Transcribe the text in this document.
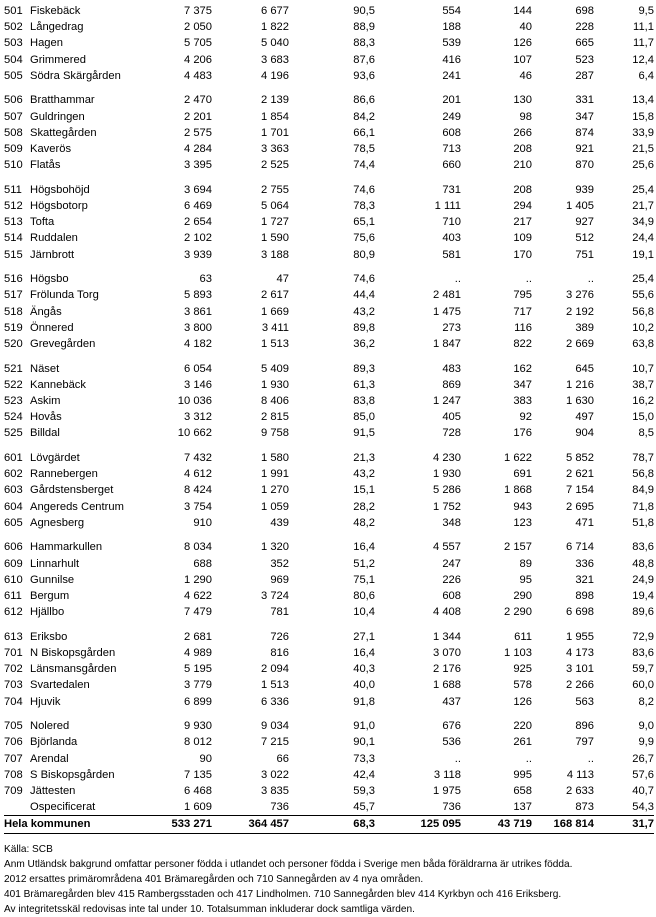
501	Fiskebäck	7 375	6 677	90,5	554	144	698	9,5
502	Långedrag	2 050	1 822	88,9	188	40	228	11,1
503	Hagen	5 705	5 040	88,3	539	126	665	11,7
504	Grimmered	4 206	3 683	87,6	416	107	523	12,4
505	Södra Skärgården	4 483	4 196	93,6	241	46	287	6,4

506	Bratthammar	2 470	2 139	86,6	201	130	331	13,4
507	Guldringen	2 201	1 854	84,2	249	98	347	15,8
508	Skattegården	2 575	1 701	66,1	608	266	874	33,9
509	Kaverös	4 284	3 363	78,5	713	208	921	21,5
510	Flatås	3 395	2 525	74,4	660	210	870	25,6

511	Högsbohöjd	3 694	2 755	74,6	731	208	939	25,4
512	Högsbotorp	6 469	5 064	78,3	1 111	294	1 405	21,7
513	Tofta	2 654	1 727	65,1	710	217	927	34,9
514	Ruddalen	2 102	1 590	75,6	403	109	512	24,4
515	Järnbrott	3 939	3 188	80,9	581	170	751	19,1

516	Högsbo	63	47	74,6	..	..	..	25,4
517	Frölunda Torg	5 893	2 617	44,4	2 481	795	3 276	55,6
518	Ängås	3 861	1 669	43,2	1 475	717	2 192	56,8
519	Önnered	3 800	3 411	89,8	273	116	389	10,2
520	Grevegården	4 182	1 513	36,2	1 847	822	2 669	63,8

521	Näset	6 054	5 409	89,3	483	162	645	10,7
522	Kannebäck	3 146	1 930	61,3	869	347	1 216	38,7
523	Askim	10 036	8 406	83,8	1 247	383	1 630	16,2
524	Hovås	3 312	2 815	85,0	405	92	497	15,0
525	Billdal	10 662	9 758	91,5	728	176	904	8,5

601	Lövgärdet	7 432	1 580	21,3	4 230	1 622	5 852	78,7
602	Rannebergen	4 612	1 991	43,2	1 930	691	2 621	56,8
603	Gårdstensberget	8 424	1 270	15,1	5 286	1 868	7 154	84,9
604	Angereds Centrum	3 754	1 059	28,2	1 752	943	2 695	71,8
605	Agnesberg	910	439	48,2	348	123	471	51,8

606	Hammarkullen	8 034	1 320	16,4	4 557	2 157	6 714	83,6
609	Linnarhult	688	352	51,2	247	89	336	48,8
610	Gunnilse	1 290	969	75,1	226	95	321	24,9
611	Bergum	4 622	3 724	80,6	608	290	898	19,4
612	Hjällbo	7 479	781	10,4	4 408	2 290	6 698	89,6

613	Eriksbo	2 681	726	27,1	1 344	611	1 955	72,9
701	N Biskopsgården	4 989	816	16,4	3 070	1 103	4 173	83,6
702	Länsmansgården	5 195	2 094	40,3	2 176	925	3 101	59,7
703	Svartedalen	3 779	1 513	40,0	1 688	578	2 266	60,0
704	Hjuvik	6 899	6 336	91,8	437	126	563	8,2

705	Nolered	9 930	9 034	91,0	676	220	896	9,0
706	Björlanda	8 012	7 215	90,1	536	261	797	9,9
707	Arendal	90	66	73,3	..	..	..	26,7
708	S Biskopsgården	7 135	3 022	42,4	3 118	995	4 113	57,6
709	Jättesten	6 468	3 835	59,3	1 975	658	2 633	40,7
	Ospecificerat	1 609	736	45,7	736	137	873	54,3
Hela kommunen		533 271	364 457	68,3	125 095	43 719	168 814	31,7
Källa: SCB
Anm Utländsk bakgrund omfattar personer födda i utlandet och personer födda i Sverige men båda föräldrarna är utrikes födda.
2012 ersattes primärområdena 401 Brämaregården och 710 Sannegården av 4 nya områden.
401 Brämaregården blev 415 Rambergsstaden och 417 Lindholmen. 710 Sannegården blev 414 Kyrkbyn och 416 Eriksberg.
Av integritetsskäl redovisas inte tal under 10. Totalsumman inkluderar dock samtliga värden.
